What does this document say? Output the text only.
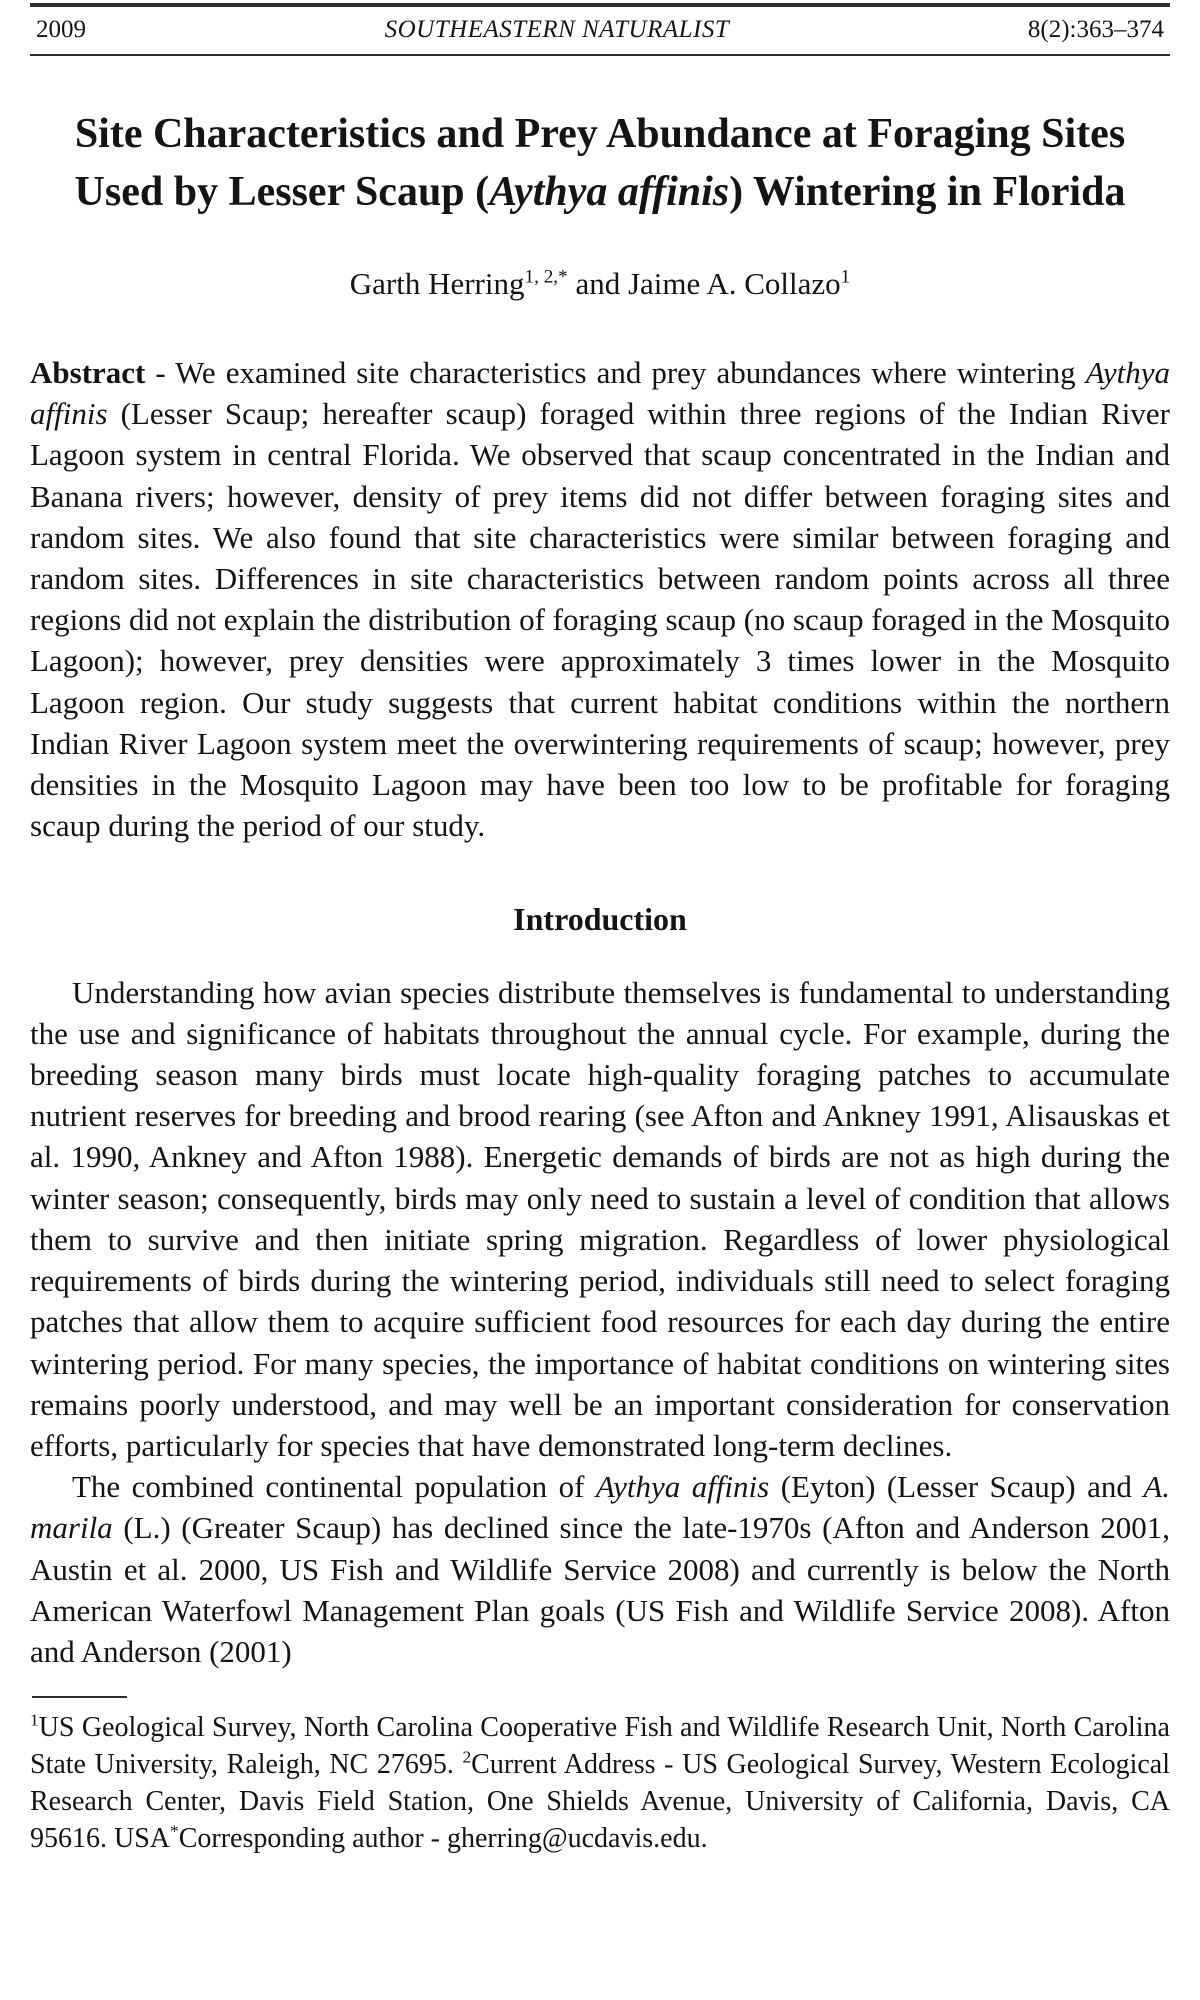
2009	SOUTHEASTERN NATURALIST	8(2):363–374
Site Characteristics and Prey Abundance at Foraging Sites
Used by Lesser Scaup (Aythya affinis) Wintering in Florida
Garth Herring$^{1, 2,*}$ and Jaime A. Collazo$^1$

Abstract - We examined site characteristics and prey abundances where wintering Aythya affinis (Lesser Scaup; hereafter scaup) foraged within three regions of the Indian River Lagoon system in central Florida. We observed that scaup concentrated in the Indian and Banana rivers; however, density of prey items did not differ between foraging sites and random sites. We also found that site characteristics were similar between foraging and random sites. Differences in site characteristics between random points across all three regions did not explain the distribution of foraging scaup (no scaup foraged in the Mosquito Lagoon); however, prey densities were approximately 3 times lower in the Mosquito Lagoon region. Our study suggests that current habitat conditions within the northern Indian River Lagoon system meet the overwintering requirements of scaup; however, prey densities in the Mosquito Lagoon may have been too low to be profitable for foraging scaup during the period of our study.

Introduction

Understanding how avian species distribute themselves is fundamental to understanding the use and significance of habitats throughout the annual cycle. For example, during the breeding season many birds must locate high-quality foraging patches to accumulate nutrient reserves for breeding and brood rearing (see Afton and Ankney 1991, Alisauskas et al. 1990, Ankney and Afton 1988). Energetic demands of birds are not as high during the winter season; consequently, birds may only need to sustain a level of condition that allows them to survive and then initiate spring migration. Regardless of lower physiological requirements of birds during the wintering period, individuals still need to select foraging patches that allow them to acquire sufficient food resources for each day during the entire wintering period. For many species, the importance of habitat conditions on wintering sites remains poorly understood, and may well be an important consideration for conservation efforts, particularly for species that have demonstrated long-term declines.

The combined continental population of Aythya affinis (Eyton) (Lesser Scaup) and A. marila (L.) (Greater Scaup) has declined since the late-1970s (Afton and Anderson 2001, Austin et al. 2000, US Fish and Wildlife Service 2008) and currently is below the North American Waterfowl Management Plan goals (US Fish and Wildlife Service 2008). Afton and Anderson (2001)

$^1$US Geological Survey, North Carolina Cooperative Fish and Wildlife Research Unit, North Carolina State University, Raleigh, NC 27695. $^2$Current Address - US Geological Survey, Western Ecological Research Center, Davis Field Station, One Shields Avenue, University of California, Davis, CA 95616. USA*Corresponding author - gherring@ucdavis.edu.
